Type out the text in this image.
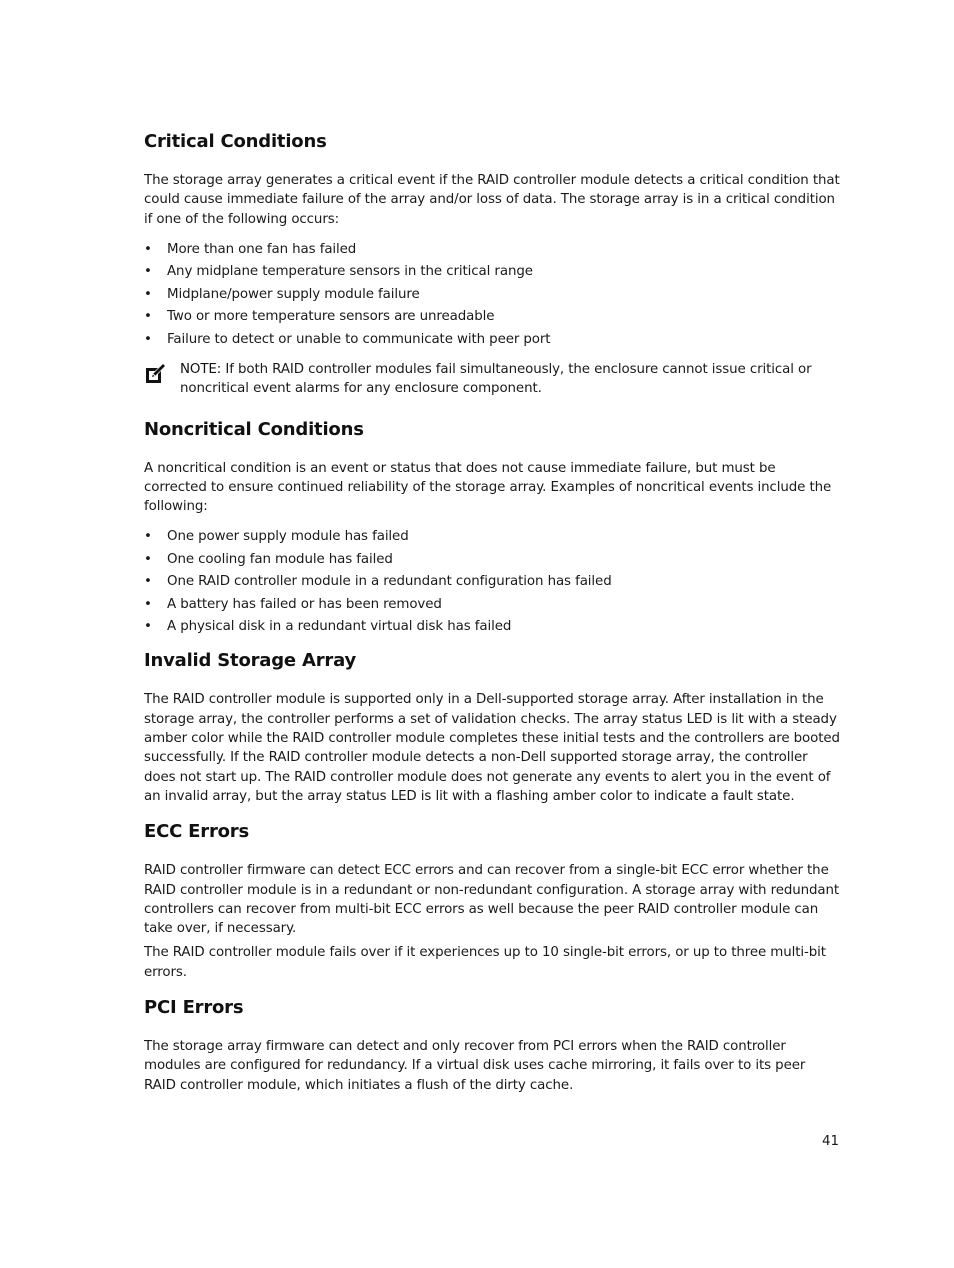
Critical Conditions

The storage array generates a critical event if the RAID controller module detects a critical condition that could cause immediate failure of the array and/or loss of data. The storage array is in a critical condition if one of the following occurs:

• More than one fan has failed
• Any midplane temperature sensors in the critical range
• Midplane/power supply module failure
• Two or more temperature sensors are unreadable
• Failure to detect or unable to communicate with peer port

NOTE: If both RAID controller modules fail simultaneously, the enclosure cannot issue critical or noncritical event alarms for any enclosure component.

Noncritical Conditions

A noncritical condition is an event or status that does not cause immediate failure, but must be corrected to ensure continued reliability of the storage array. Examples of noncritical events include the following:

• One power supply module has failed
• One cooling fan module has failed
• One RAID controller module in a redundant configuration has failed
• A battery has failed or has been removed
• A physical disk in a redundant virtual disk has failed
Invalid Storage Array

The RAID controller module is supported only in a Dell-supported storage array. After installation in the storage array, the controller performs a set of validation checks. The array status LED is lit with a steady amber color while the RAID controller module completes these initial tests and the controllers are booted successfully. If the RAID controller module detects a non-Dell supported storage array, the controller does not start up. The RAID controller module does not generate any events to alert you in the event of an invalid array, but the array status LED is lit with a flashing amber color to indicate a fault state.

ECC Errors

RAID controller firmware can detect ECC errors and can recover from a single-bit ECC error whether the RAID controller module is in a redundant or non-redundant configuration. A storage array with redundant controllers can recover from multi-bit ECC errors as well because the peer RAID controller module can take over, if necessary.

The RAID controller module fails over if it experiences up to 10 single-bit errors, or up to three multi-bit errors.

PCI Errors

The storage array firmware can detect and only recover from PCI errors when the RAID controller modules are configured for redundancy. If a virtual disk uses cache mirroring, it fails over to its peer RAID controller module, which initiates a flush of the dirty cache.

41
